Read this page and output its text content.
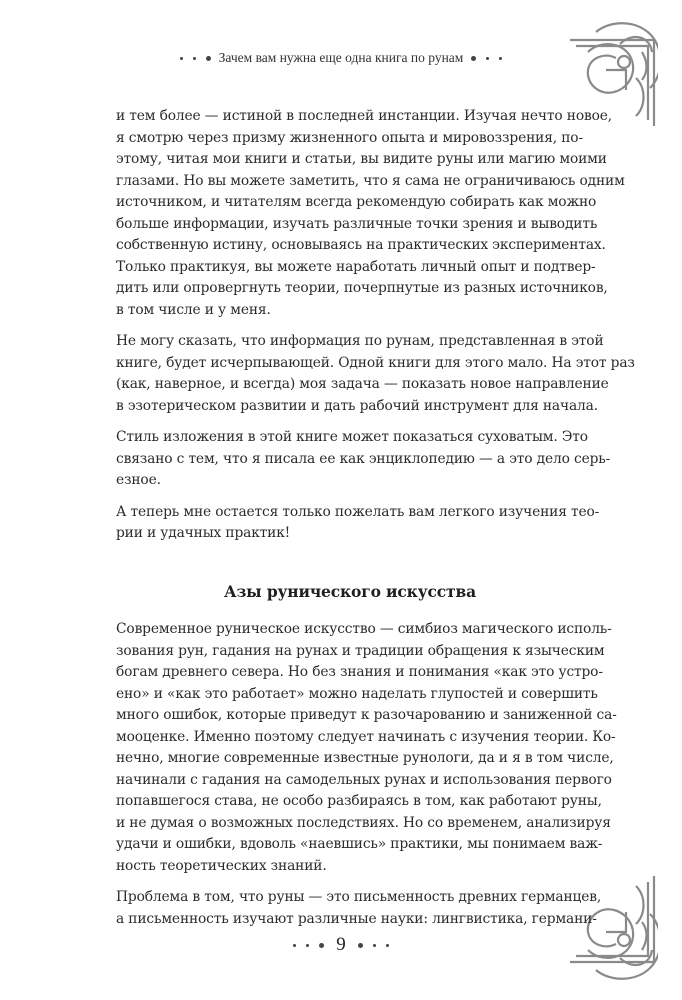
Зачем вам нужна еще одна книга по рунам

и тем более — истиной в последней инстанции. Изучая нечто новое,
я смотрю через призму жизненного опыта и мировоззрения, по-
этому, читая мои книги и статьи, вы видите руны или магию моими
глазами. Но вы можете заметить, что я сама не ограничиваюсь одним
источником, и читателям всегда рекомендую собирать как можно
больше информации, изучать различные точки зрения и выводить
собственную истину, основываясь на практических экспериментах.
Только практикуя, вы можете наработать личный опыт и подтвер-
дить или опровергнуть теории, почерпнутые из разных источников,
в том числе и у меня.

Не могу сказать, что информация по рунам, представленная в этой
книге, будет исчерпывающей. Одной книги для этого мало. На этот раз
(как, наверное, и всегда) моя задача — показать новое направление
в эзотерическом развитии и дать рабочий инструмент для начала.

Стиль изложения в этой книге может показаться суховатым. Это
связано с тем, что я писала ее как энциклопедию — а это дело серь-
езное.

А теперь мне остается только пожелать вам легкого изучения тео-
рии и удачных практик!

Азы рунического искусства

Современное руническое искусство — симбиоз магического исполь-
зования рун, гадания на рунах и традиции обращения к языческим
богам древнего севера. Но без знания и понимания «как это устро-
ено» и «как это работает» можно наделать глупостей и совершить
много ошибок, которые приведут к разочарованию и заниженной са-
мооценке. Именно поэтому следует начинать с изучения теории. Ко-
нечно, многие современные известные рунологи, да и я в том числе,
начинали с гадания на самодельных рунах и использования первого
попавшегося става, не особо разбираясь в том, как работают руны,
и не думая о возможных последствиях. Но со временем, анализируя
удачи и ошибки, вдоволь «наевшись» практики, мы понимаем важ-
ность теоретических знаний.

Проблема в том, что руны — это письменность древних германцев,
а письменность изучают различные науки: лингвистика, германи-

9
